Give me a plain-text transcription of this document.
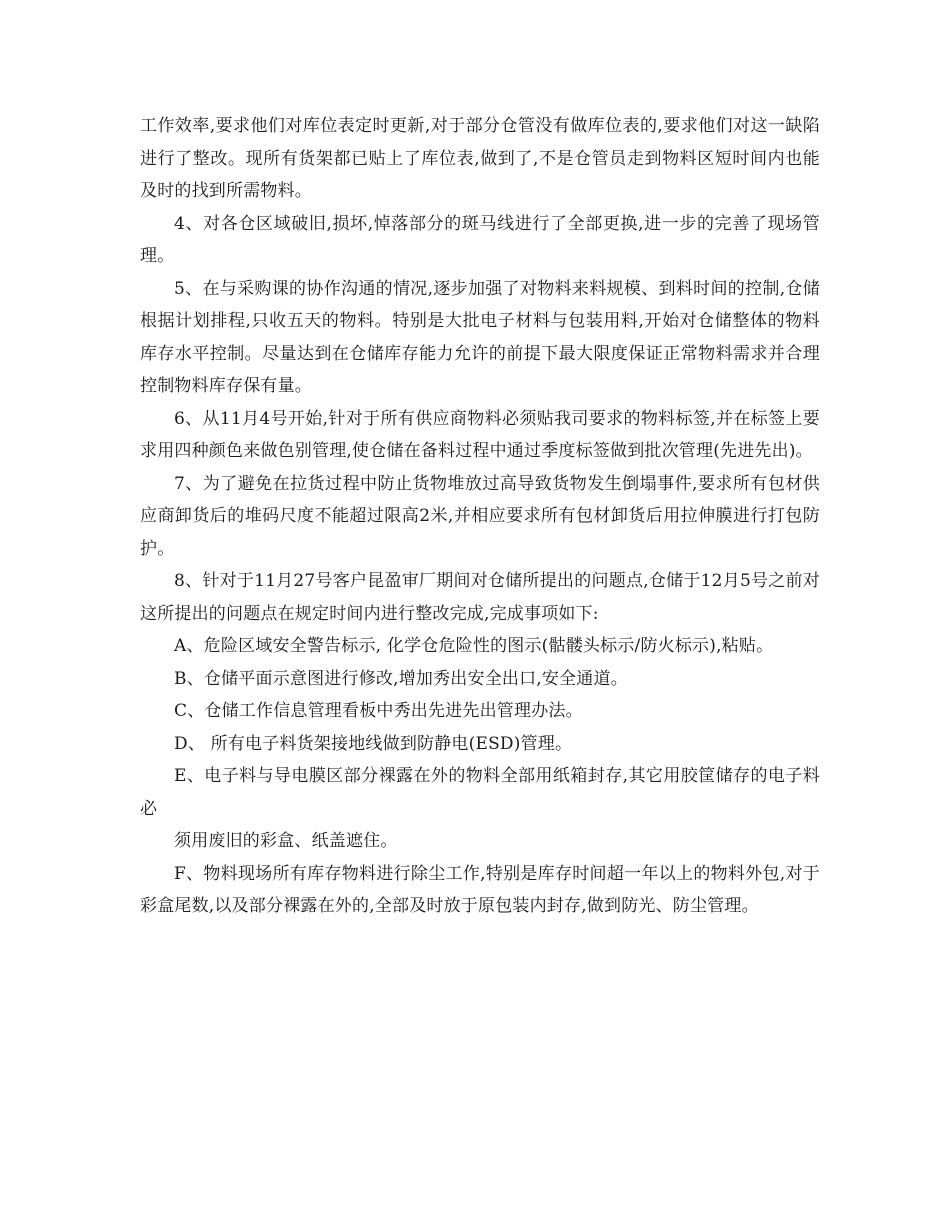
工作效率,要求他们对库位表定时更新,对于部分仓管没有做库位表的,要求他们对这一缺陷进行了整改。现所有货架都已贴上了库位表,做到了,不是仓管员走到物料区短时间内也能及时的找到所需物料。

4、对各仓区域破旧,损坏,悼落部分的斑马线进行了全部更换,进一步的完善了现场管理。

5、在与采购课的协作沟通的情况,逐步加强了对物料来料规模、到料时间的控制,仓储根据计划排程,只收五天的物料。特别是大批电子材料与包装用料,开始对仓储整体的物料库存水平控制。尽量达到在仓储库存能力允许的前提下最大限度保证正常物料需求并合理控制物料库存保有量。

6、从11月4号开始,针对于所有供应商物料必须贴我司要求的物料标签,并在标签上要求用四种颜色来做色别管理,使仓储在备料过程中通过季度标签做到批次管理(先进先出)。

7、为了避免在拉货过程中防止货物堆放过高导致货物发生倒塌事件,要求所有包材供应商卸货后的堆码尺度不能超过限高2米,并相应要求所有包材卸货后用拉伸膜进行打包防护。

8、针对于11月27号客户昆盈审厂期间对仓储所提出的问题点,仓储于12月5号之前对这所提出的问题点在规定时间内进行整改完成,完成事项如下:

A、危险区域安全警告标示, 化学仓危险性的图示(骷髅头标示/防火标示),粘贴。

B、仓储平面示意图进行修改,增加秀出安全出口,安全通道。

C、仓储工作信息管理看板中秀出先进先出管理办法。

D、 所有电子料货架接地线做到防静电(ESD)管理。

E、电子料与导电膜区部分裸露在外的物料全部用纸箱封存,其它用胶筐储存的电子料必

须用废旧的彩盒、纸盖遮住。

F、物料现场所有库存物料进行除尘工作,特别是库存时间超一年以上的物料外包,对于彩盒尾数,以及部分裸露在外的,全部及时放于原包装内封存,做到防光、防尘管理。
